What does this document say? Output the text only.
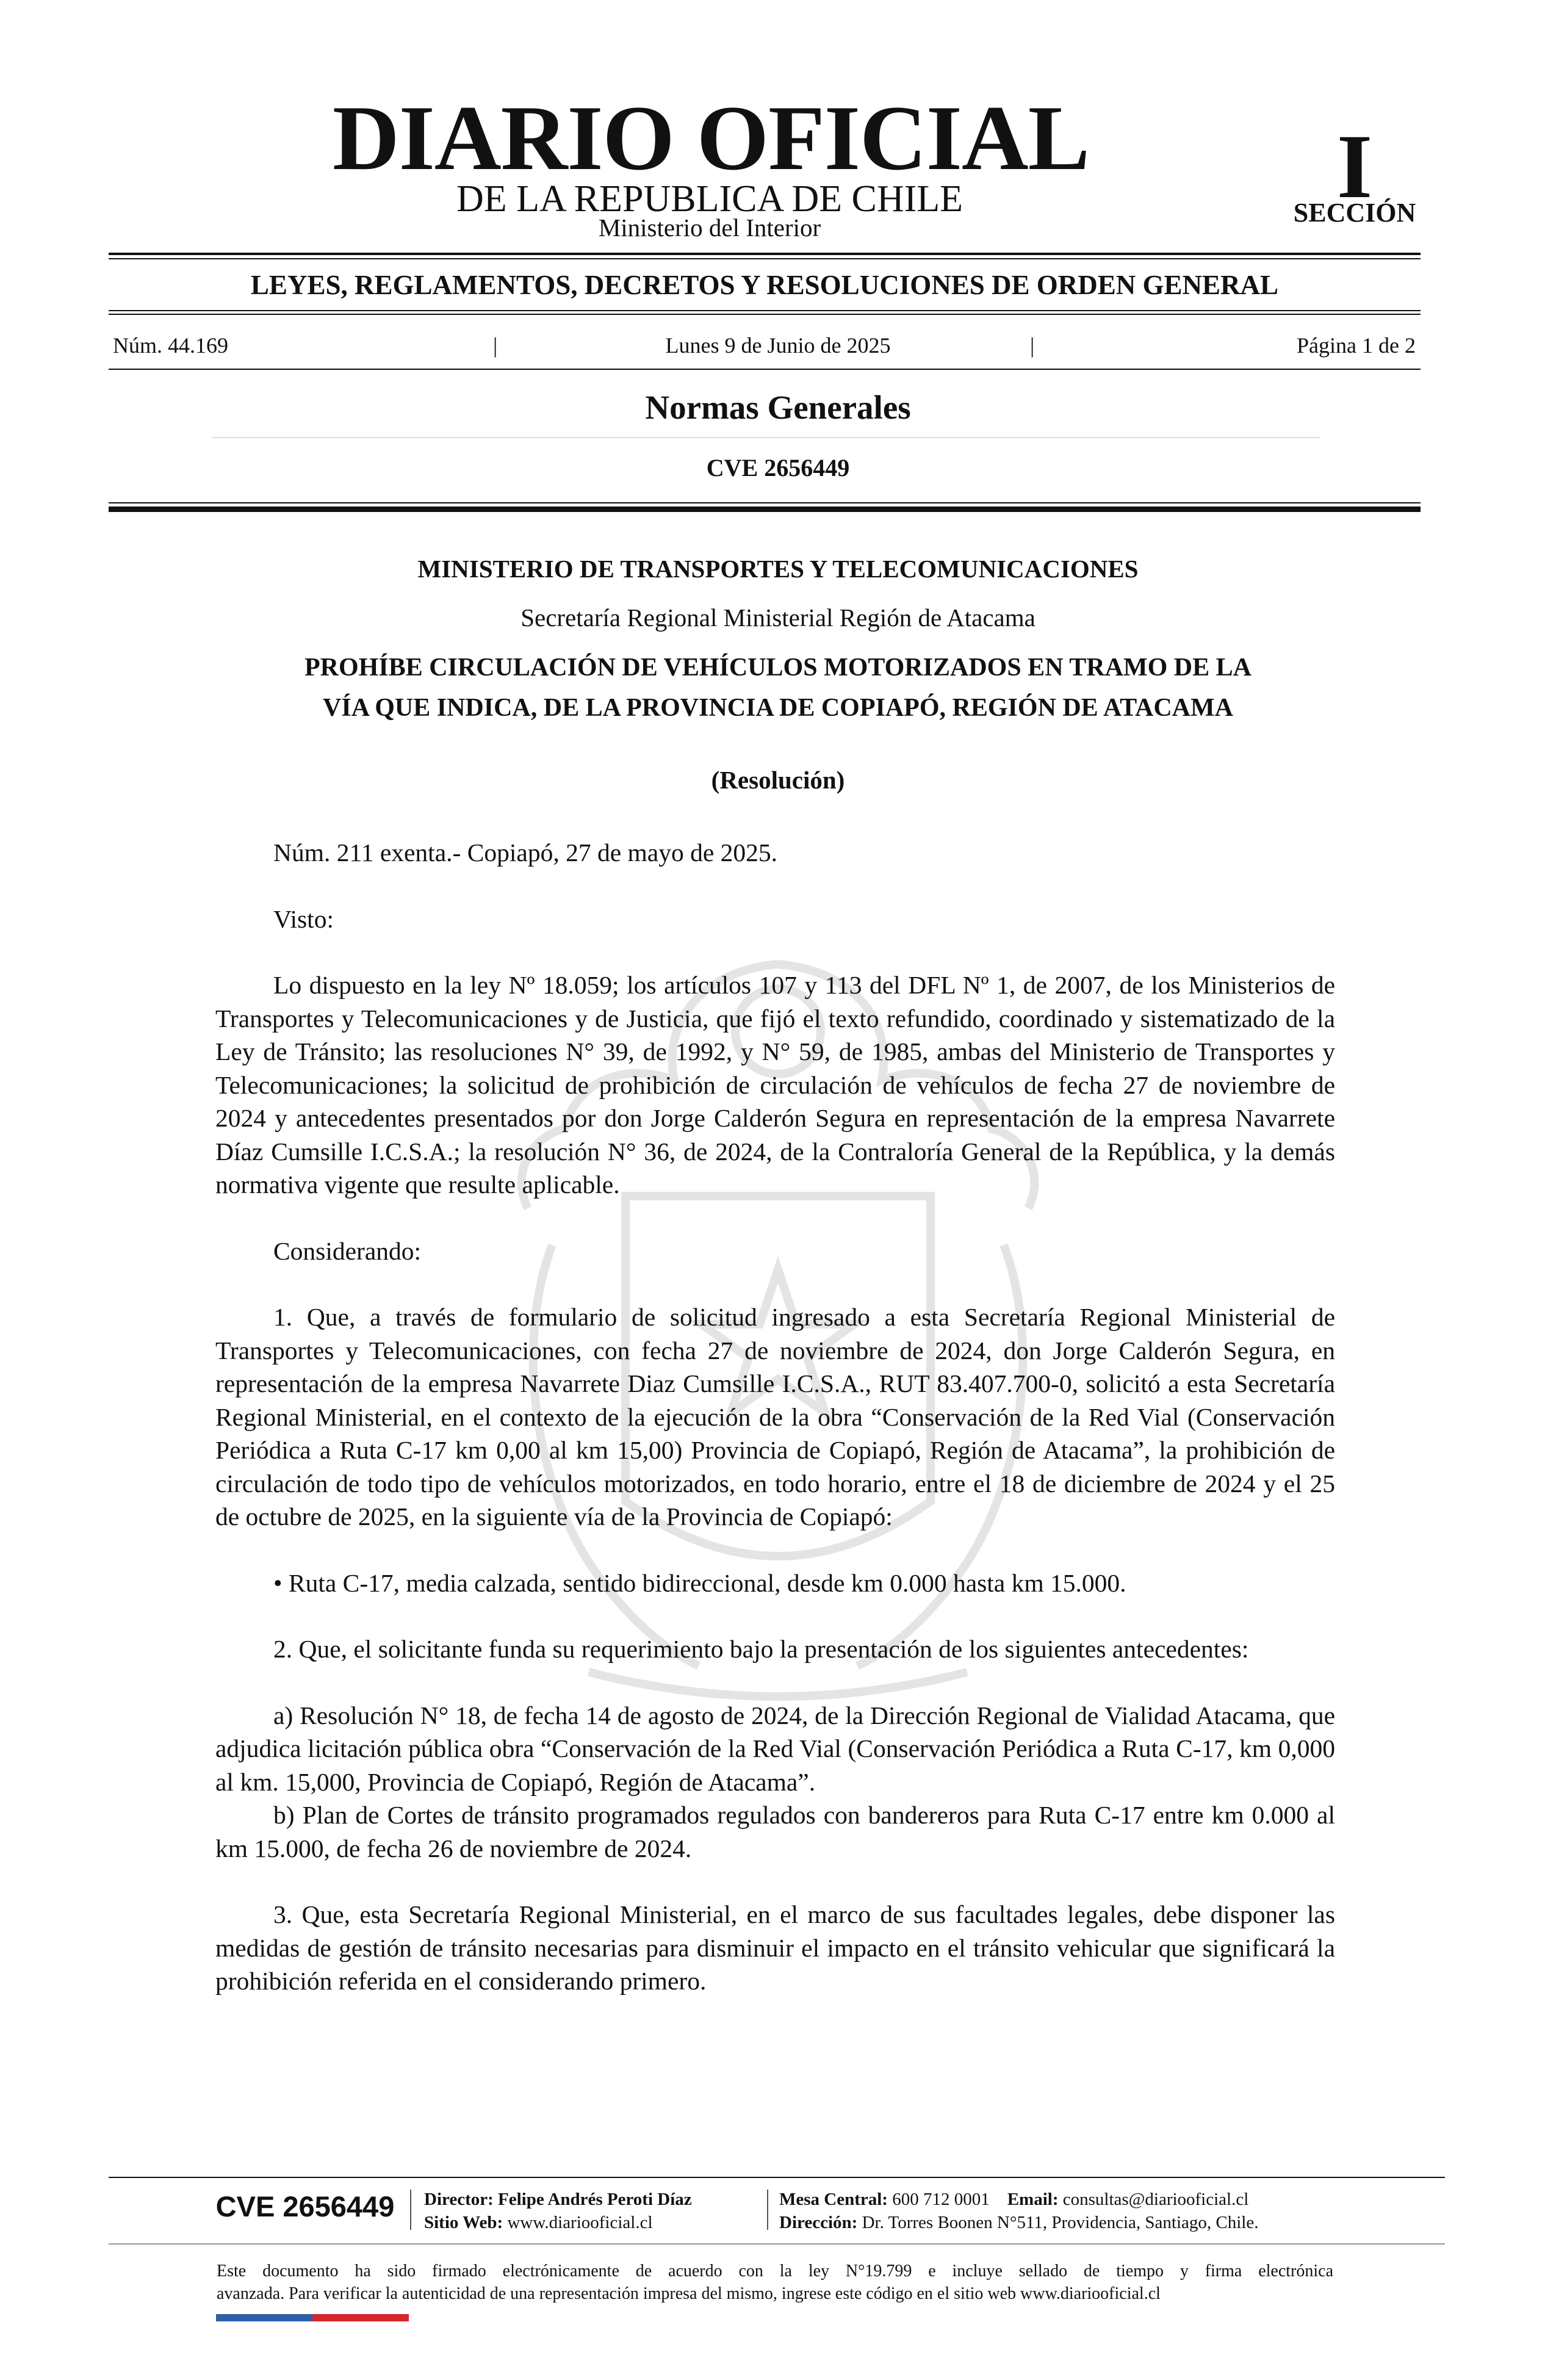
DIARIO OFICIAL
DE LA REPUBLICA DE CHILE
Ministerio del Interior
I
SECCIÓN
LEYES, REGLAMENTOS, DECRETOS Y RESOLUCIONES DE ORDEN GENERAL
Núm. 44.169	|	Lunes 9 de Junio de 2025	|	Página 1 de 2
Normas Generales
CVE 2656449
MINISTERIO DE TRANSPORTES Y TELECOMUNICACIONES
Secretaría Regional Ministerial Región de Atacama
PROHÍBE CIRCULACIÓN DE VEHÍCULOS MOTORIZADOS EN TRAMO DE LA
VÍA QUE INDICA, DE LA PROVINCIA DE COPIAPÓ, REGIÓN DE ATACAMA
(Resolución)

Núm. 211 exenta.- Copiapó, 27 de mayo de 2025.

Visto:

Lo dispuesto en la ley Nº 18.059; los artículos 107 y 113 del DFL Nº 1, de 2007, de los Ministerios de Transportes y Telecomunicaciones y de Justicia, que fijó el texto refundido, coordinado y sistematizado de la Ley de Tránsito; las resoluciones N° 39, de 1992, y N° 59, de 1985, ambas del Ministerio de Transportes y Telecomunicaciones; la solicitud de prohibición de circulación de vehículos de fecha 27 de noviembre de 2024 y antecedentes presentados por don Jorge Calderón Segura en representación de la empresa Navarrete Díaz Cumsille I.C.S.A.; la resolución N° 36, de 2024, de la Contraloría General de la República, y la demás normativa vigente que resulte aplicable.

Considerando:

1. Que, a través de formulario de solicitud ingresado a esta Secretaría Regional Ministerial de Transportes y Telecomunicaciones, con fecha 27 de noviembre de 2024, don Jorge Calderón Segura, en representación de la empresa Navarrete Diaz Cumsille I.C.S.A., RUT 83.407.700-0, solicitó a esta Secretaría Regional Ministerial, en el contexto de la ejecución de la obra “Conservación de la Red Vial (Conservación Periódica a Ruta C-17 km 0,00 al km 15,00) Provincia de Copiapó, Región de Atacama”, la prohibición de circulación de todo tipo de vehículos motorizados, en todo horario, entre el 18 de diciembre de 2024 y el 25 de octubre de 2025, en la siguiente vía de la Provincia de Copiapó:

• Ruta C-17, media calzada, sentido bidireccional, desde km 0.000 hasta km 15.000.

2. Que, el solicitante funda su requerimiento bajo la presentación de los siguientes antecedentes:

a) Resolución N° 18, de fecha 14 de agosto de 2024, de la Dirección Regional de Vialidad Atacama, que adjudica licitación pública obra “Conservación de la Red Vial (Conservación Periódica a Ruta C-17, km 0,000 al km. 15,000, Provincia de Copiapó, Región de Atacama”.

b) Plan de Cortes de tránsito programados regulados con bandereros para Ruta C-17 entre km 0.000 al km 15.000, de fecha 26 de noviembre de 2024.

3. Que, esta Secretaría Regional Ministerial, en el marco de sus facultades legales, debe disponer las medidas de gestión de tránsito necesarias para disminuir el impacto en el tránsito vehicular que significará la prohibición referida en el considerando primero.

CVE 2656449	Director: Felipe Andrés Peroti Díaz
Sitio Web: www.diariooficial.cl
Mesa Central: 600 712 0001 Email: consultas@diariooficial.cl
Dirección: Dr. Torres Boonen N°511, Providencia, Santiago, Chile.

Este documento ha sido firmado electrónicamente de acuerdo con la ley N°19.799 e incluye sellado de tiempo y firma electrónica

avanzada. Para verificar la autenticidad de una representación impresa del mismo, ingrese este código en el sitio web www.diariooficial.cl
